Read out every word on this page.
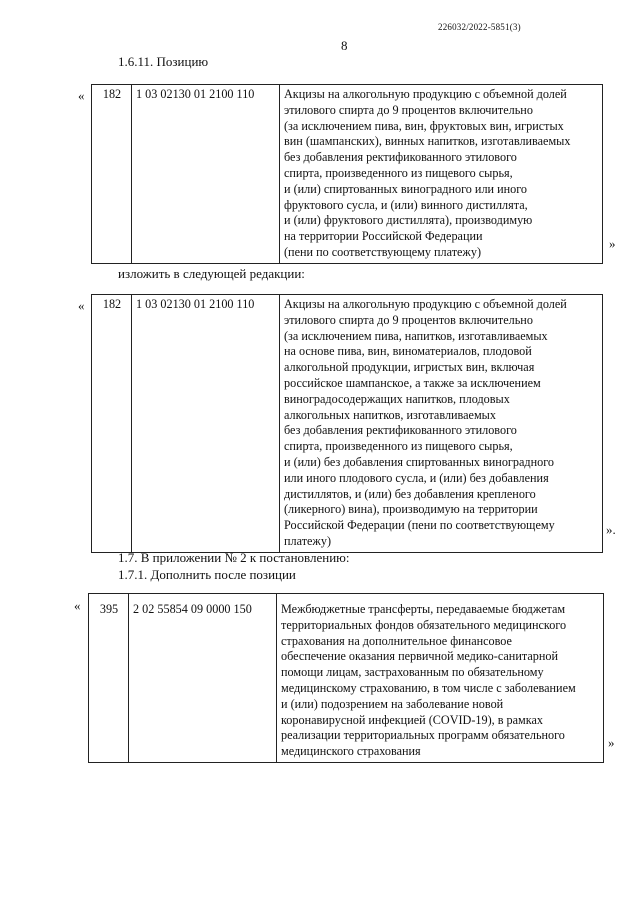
226032/2022-5851(3)
8
1.6.11. Позицию
« 182	1 03 02130 01 2100 110	Акцизы на алкогольную продукцию с объемной долей
этилового спирта до 9 процентов включительно
(за исключением пива, вин, фруктовых вин, игристых
вин (шампанских), винных напитков, изготавливаемых
без добавления ректификованного этилового
спирта, произведенного из пищевого сырья,
и (или) спиртованных виноградного или иного
фруктового сусла, и (или) винного дистиллята,
и (или) фруктового дистиллята), производимую
на территории Российской Федерации
(пени по соответствующему платежу)
»
изложить в следующей редакции:
« 182	1 03 02130 01 2100 110	Акцизы на алкогольную продукцию с объемной долей
этилового спирта до 9 процентов включительно
(за исключением пива, напитков, изготавливаемых
на основе пива, вин, виноматериалов, плодовой
алкогольной продукции, игристых вин, включая
российское шампанское, а также за исключением
виноградосодержащих напитков, плодовых
алкогольных напитков, изготавливаемых
без добавления ректификованного этилового
спирта, произведенного из пищевого сырья,
и (или) без добавления спиртованных виноградного
или иного плодового сусла, и (или) без добавления
дистиллятов, и (или) без добавления крепленого
(ликерного) вина), производимую на территории
Российской Федерации (пени по соответствующему
платежу)
».
1.7. В приложении № 2 к постановлению:
1.7.1. Дополнить после позиции
« 395	2 02 55854 09 0000 150	Межбюджетные трансферты, передаваемые бюджетам
территориальных фондов обязательного медицинского
страхования на дополнительное финансовое
обеспечение оказания первичной медико-санитарной
помощи лицам, застрахованным по обязательному
медицинскому страхованию, в том числе с заболеванием
и (или) подозрением на заболевание новой
коронавирусной инфекцией (COVID-19), в рамках
реализации территориальных программ обязательного
медицинского страхования
»
